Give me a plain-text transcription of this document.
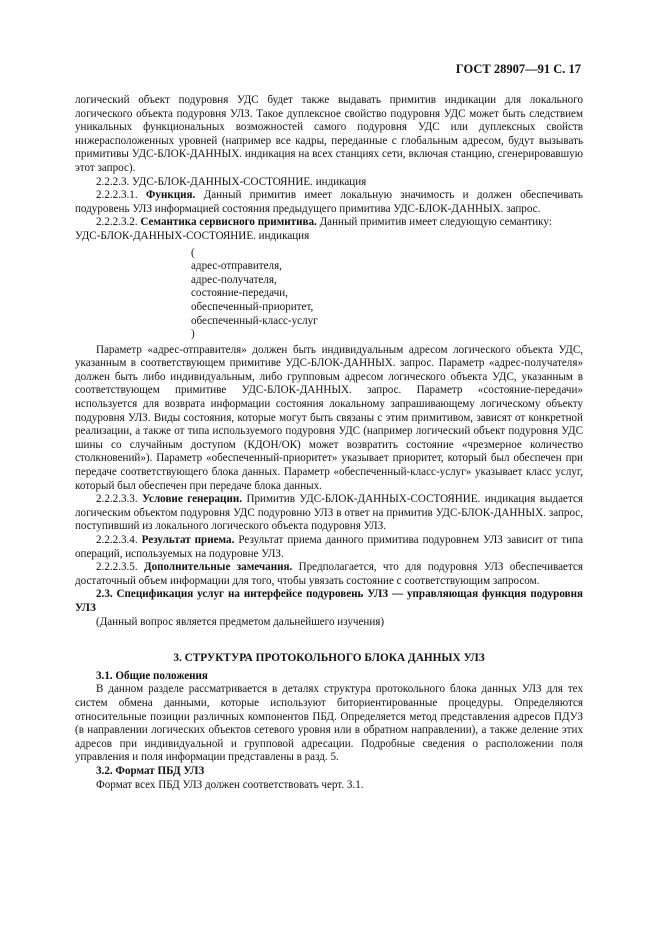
ГОСТ 28907—91 С. 17

логический объект подуровня УДС будет также выдавать примитив индикации для локального логического объекта подуровня УЛЗ. Такое дуплексное свойство подуровня УДС может быть следствием уникальных функциональных возможностей самого подуровня УДС или дуплексных свойств нижерасположенных уровней (например все кадры, переданные с глобальным адресом, будут вызывать примитивы УДС-БЛОК-ДАННЫХ. индикация на всех станциях сети, включая станцию, сгенерировавшую этот запрос).

2.2.2.3. УДС-БЛОК-ДАННЫХ-СОСТОЯНИЕ. индикация

2.2.2.3.1. Функция. Данный примитив имеет локальную значимость и должен обеспечивать подуровень УЛЗ информацией состояния предыдущего примитива УДС-БЛОК-ДАННЫХ. запрос.

2.2.2.3.2. Семантика сервисного примитива. Данный примитив имеет следующую семантику:

УДС-БЛОК-ДАННЫХ-СОСТОЯНИЕ. индикация

(
адрес-отправителя,
адрес-получателя,
состояние-передачи,
обеспеченный-приоритет,
обеспеченный-класс-услуг
)

Параметр «адрес-отправителя» должен быть индивидуальным адресом логического объекта УДС, указанным в соответствующем примитиве УДС-БЛОК-ДАННЫХ. запрос. Параметр «адрес-получателя» должен быть либо индивидуальным, либо групповым адресом логического объекта УДС, указанным в соответствующем примитиве УДС-БЛОК-ДАННЫХ. запрос. Параметр «состояние-передачи» используется для возврата информации состояния локальному запрашивающему логическому объекту подуровня УЛЗ. Виды состояния, которые могут быть связаны с этим примитивом, зависят от конкретной реализации, а также от типа используемого подуровня УДС (например логический объект подуровня УДС шины со случайным доступом (КДОН/ОК) может возвратить состояние «чрезмерное количество столкновений»). Параметр «обеспеченный-приоритет» указывает приоритет, который был обеспечен при передаче соответствующего блока данных. Параметр «обеспеченный-класс-услуг» указывает класс услуг, который был обеспечен при передаче блока данных.

2.2.2.3.3. Условие генерации. Примитив УДС-БЛОК-ДАННЫХ-СОСТОЯНИЕ. индикация выдается логическим объектом подуровня УДС подуровню УЛЗ в ответ на примитив УДС-БЛОК-ДАННЫХ. запрос, поступивший из локального логического объекта подуровня УЛЗ.

2.2.2.3.4. Результат приема. Результат приема данного примитива подуровнем УЛЗ зависит от типа операций, используемых на подуровне УЛЗ.

2.2.2.3.5. Дополнительные замечания. Предполагается, что для подуровня УЛЗ обеспечивается достаточный объем информации для того, чтобы увязать состояние с соответствующим запросом.

2.3. Спецификация услуг на интерфейсе подуровень УЛЗ — управляющая функция подуровня УЛЗ

(Данный вопрос является предметом дальнейшего изучения)

3. СТРУКТУРА ПРОТОКОЛЬНОГО БЛОКА ДАННЫХ УЛЗ

3.1. Общие положения

В данном разделе рассматривается в деталях структура протокольного блока данных УЛЗ для тех систем обмена данными, которые используют биториентированные процедуры. Определяются относительные позиции различных компонентов ПБД. Определяется метод представления адресов ПДУЗ (в направлении логических объектов сетевого уровня или в обратном направлении), а также деление этих адресов при индивидуальной и групповой адресации. Подробные сведения о расположении поля управления и поля информации представлены в разд. 5.

3.2. Формат ПБД УЛЗ

Формат всех ПБД УЛЗ должен соответствовать черт. 3.1.
